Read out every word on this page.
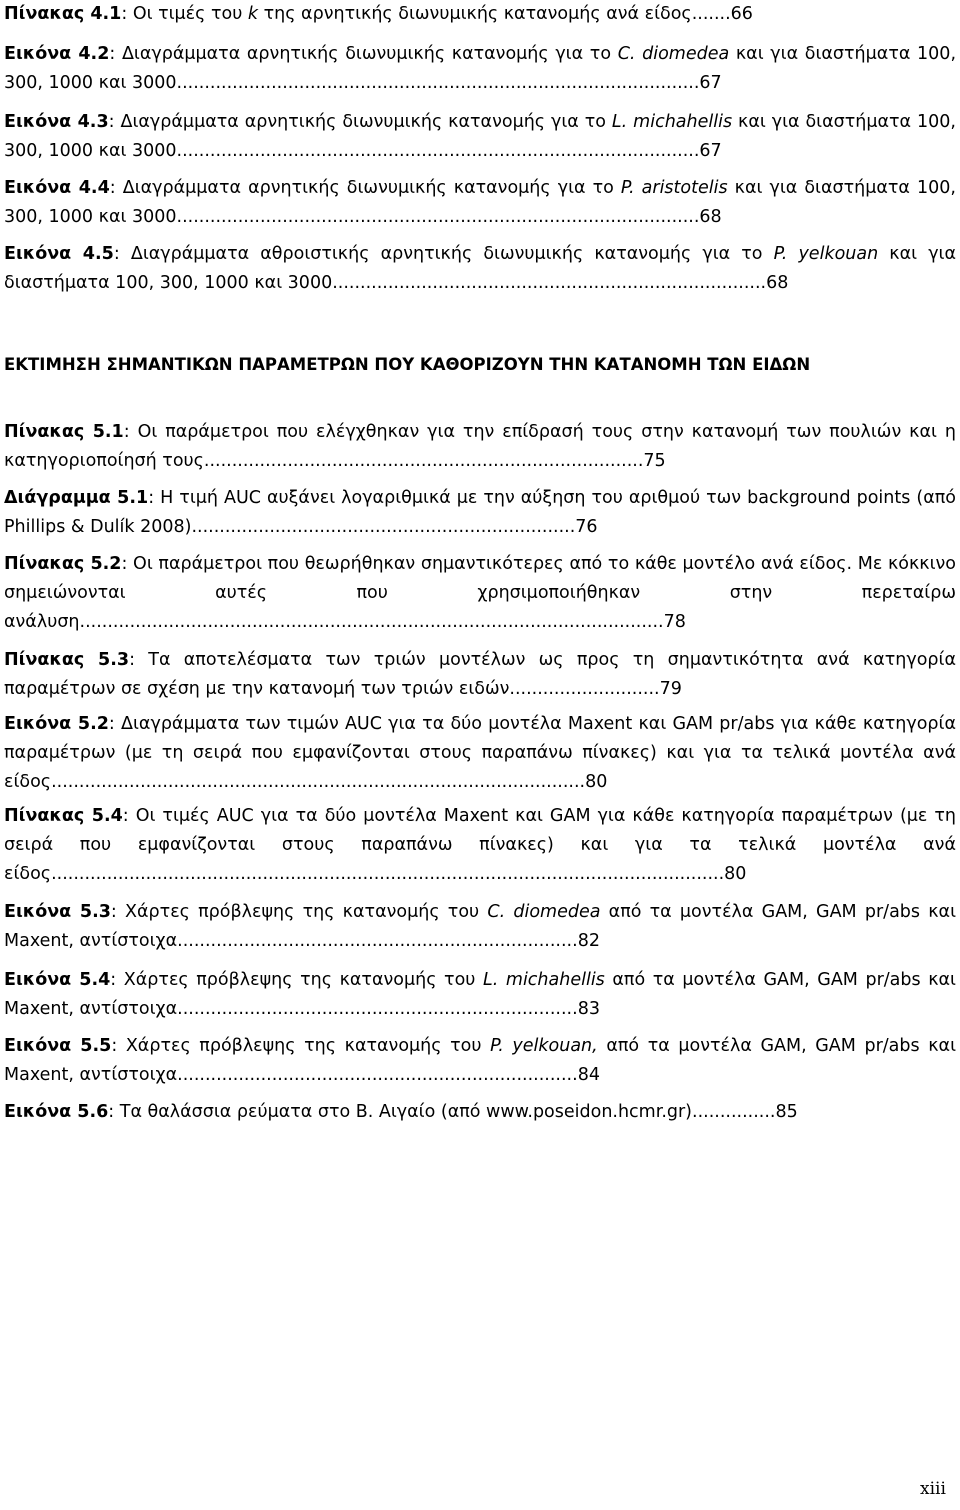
Πίνακας 4.1: Οι τιμές του k της αρνητικής διωνυμικής κατανομής ανά είδος.......66
Εικόνα 4.2: Διαγράμματα αρνητικής διωνυμικής κατανομής για το C. diomedea και για διαστήματα 100, 300, 1000 και 3000..............................................................................................67
Εικόνα 4.3: Διαγράμματα αρνητικής διωνυμικής κατανομής για το L. michahellis και για διαστήματα 100, 300, 1000 και 3000..............................................................................................67
Εικόνα 4.4: Διαγράμματα αρνητικής διωνυμικής κατανομής για το P. aristotelis και για διαστήματα 100, 300, 1000 και 3000..............................................................................................68
Εικόνα 4.5: Διαγράμματα αθροιστικής αρνητικής διωνυμικής κατανομής για το P. yelkouan και για διαστήματα 100, 300, 1000 και 3000..............................................................................68
ΕΚΤΙΜΗΣΗ ΣΗΜΑΝΤΙΚΩΝ ΠΑΡΑΜΕΤΡΩΝ ΠΟΥ ΚΑΘΟΡΙΖΟΥΝ ΤΗΝ ΚΑΤΑΝΟΜΗ ΤΩΝ ΕΙΔΩΝ
Πίνακας 5.1: Οι παράμετροι που ελέγχθηκαν για την επίδρασή τους στην κατανομή των πουλιών και η κατηγοριοποίησή τους...............................................................................75
Διάγραμμα 5.1: Η τιμή AUC αυξάνει λογαριθμικά με την αύξηση του αριθμού των background points (από Phillips & Dulík 2008).....................................................................76
Πίνακας 5.2: Οι παράμετροι που θεωρήθηκαν σημαντικότερες από το κάθε μοντέλο ανά είδος. Με κόκκινο σημειώνονται αυτές που χρησιμοποιήθηκαν στην περεταίρω ανάλυση.........................................................................................................78
Πίνακας 5.3: Τα αποτελέσματα των τριών μοντέλων ως προς τη σημαντικότητα ανά κατηγορία παραμέτρων σε σχέση με την κατανομή των τριών ειδών...........................79
Εικόνα 5.2: Διαγράμματα των τιμών AUC για τα δύο μοντέλα Maxent και GAM pr/abs για κάθε κατηγορία παραμέτρων (με τη σειρά που εμφανίζονται στους παραπάνω πίνακες) και για τα τελικά μοντέλα ανά είδος................................................................................................80
Πίνακας 5.4: Οι τιμές AUC για τα δύο μοντέλα Maxent και GAM για κάθε κατηγορία παραμέτρων (με τη σειρά που εμφανίζονται στους παραπάνω πίνακες) και για τα τελικά μοντέλα ανά είδος.........................................................................................................................80
Εικόνα 5.3: Χάρτες πρόβλεψης της κατανομής του C. diomedea από τα μοντέλα GAM, GAM pr/abs και Maxent, αντίστοιχα........................................................................82
Εικόνα 5.4: Χάρτες πρόβλεψης της κατανομής του L. michahellis από τα μοντέλα GAM, GAM pr/abs και Maxent, αντίστοιχα........................................................................83
Εικόνα 5.5: Χάρτες πρόβλεψης της κατανομής του P. yelkouan, από τα μοντέλα GAM, GAM pr/abs και Maxent, αντίστοιχα........................................................................84
Εικόνα 5.6: Τα θαλάσσια ρεύματα στο Β. Αιγαίο (από www.poseidon.hcmr.gr)...............85
xiii
